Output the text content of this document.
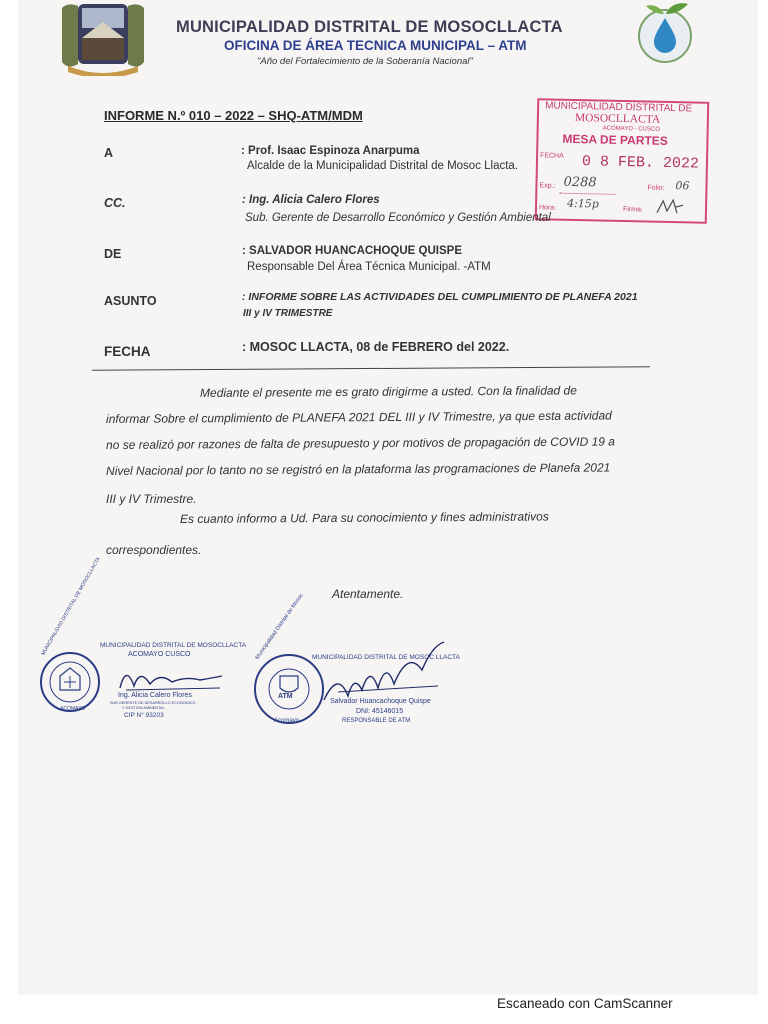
MUNICIPALIDAD DISTRITAL DE MOSOCLLACTA
OFICINA DE ÁREA TECNICA MUNICIPAL – ATM
"Año del Fortalecimiento de la Soberanía Nacional"
INFORME N.º 010 – 2022 – SHQ-ATM/MDM
MUNICIPALIDAD DISTRITAL DE
MOSOCLLACTA
ACOMAYO - CUSCO
MESA DE PARTES
FECHA 0 8 FEB. 2022
Exp.: 0288	Folio: 06
Hora: 4:15p	Firma:
A	: Prof. Isaac Espinoza Anarpuma
Alcalde de la Municipalidad Distrital de Mosoc Llacta.
CC.	: Ing. Alicia Calero Flores
Sub. Gerente de Desarrollo Económico y Gestión Ambiental
DE	: SALVADOR HUANCACHOQUE QUISPE
Responsable Del Área Técnica Municipal. -ATM
ASUNTO	: INFORME SOBRE LAS ACTIVIDADES DEL CUMPLIMIENTO DE PLANEFA 2021
III y IV TRIMESTRE
FECHA	: MOSOC LLACTA, 08 de FEBRERO del 2022.
Mediante el presente me es grato dirigirme a usted. Con la finalidad de
informar Sobre el cumplimiento de PLANEFA 2021 DEL III y IV Trimestre, ya que esta actividad
no se realizó por razones de falta de presupuesto y por motivos de propagación de COVID 19 a
Nivel Nacional por lo tanto no se registró en la plataforma las programaciones de Planefa 2021
III y IV Trimestre.
Es cuanto informo a Ud. Para su conocimiento y fines administrativos
correspondientes.
Atentamente.
MUNICIPALIDAD DISTRITAL DE MOSOCLLACTA
ACOMAYO
MUNICIPALIDAD DISTRITAL DE MOSOCLLACTA
ACOMAYO CUSCO
Ing. Alicia Calero Flores
SUB GERENTE DE DESARROLLO ECONOMICO
Y GESTION AMBIENTAL
CIP N° 93203
ATM
Municipalidad Distrital de Mosoc
Acomayo
MUNICIPALIDAD DISTRITAL DE MOSOC LLACTA
Salvador Huancachoque Quispe
DNI: 45146015
RESPONSABLE DE ATM
Escaneado con CamScanner
